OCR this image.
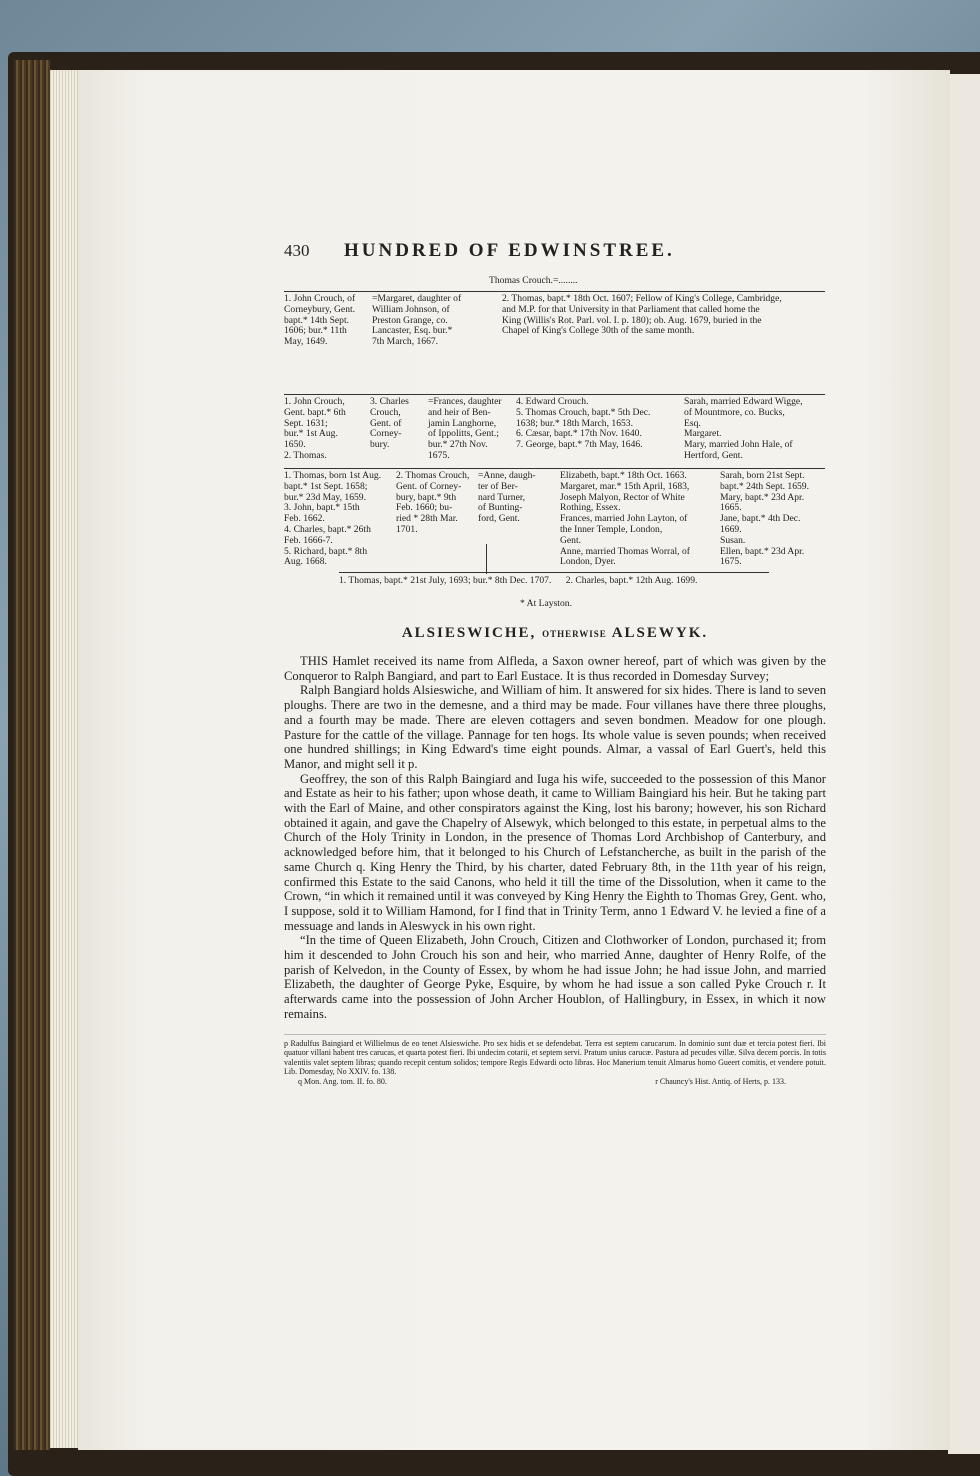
430	HUNDRED OF EDWINSTREE.
Thomas Crouch.=........
1. John Crouch, of
Corneybury, Gent.
bapt.* 14th Sept.
1606; bur.* 11th
May, 1649.
=Margaret, daughter of
William Johnson, of
Preston Grange, co.
Lancaster, Esq. bur.*
7th March, 1667.
2. Thomas, bapt.* 18th Oct. 1607; Fellow of King's College, Cambridge,
and M.P. for that University in that Parliament that called home the
King (Willis's Rot. Parl. vol. I. p. 180); ob. Aug. 1679, buried in the
Chapel of King's College 30th of the same month.
1. John Crouch,
Gent. bapt.* 6th
Sept. 1631;
bur.* 1st Aug.
1650.
2. Thomas.
3. Charles
Crouch,
Gent. of
Corney-
bury.
=Frances, daughter
and heir of Ben-
jamin Langhorne,
of Ippolitts, Gent.;
bur.* 27th Nov.
1675.
4. Edward Crouch.
5. Thomas Crouch, bapt.* 5th Dec.
1638; bur.* 18th March, 1653.
6. Cæsar, bapt.* 17th Nov. 1640.
7. George, bapt.* 7th May, 1646.
Sarah, married Edward Wigge,
of Mountmore, co. Bucks,
Esq.
Margaret.
Mary, married John Hale, of
Hertford, Gent.
1. Thomas, born 1st Aug.
bapt.* 1st Sept. 1658;
bur.* 23d May, 1659.
3. John, bapt.* 15th
Feb. 1662.
4. Charles, bapt.* 26th
Feb. 1666-7.
5. Richard, bapt.* 8th
Aug. 1668.
2. Thomas Crouch,
Gent. of Corney-
bury, bapt.* 9th
Feb. 1660; bu-
ried * 28th Mar.
1701.
=Anne, daugh-
ter of Ber-
nard Turner,
of Bunting-
ford, Gent.
Elizabeth, bapt.* 18th Oct. 1663.
Margaret, mar.* 15th April, 1683,
Joseph Malyon, Rector of White
Rothing, Essex.
Frances, married John Layton, of
the Inner Temple, London,
Gent.
Anne, married Thomas Worral, of
London, Dyer.
Sarah, born 21st Sept.
bapt.* 24th Sept. 1659.
Mary, bapt.* 23d Apr.
1665.
Jane, bapt.* 4th Dec.
1669.
Susan.
Ellen, bapt.* 23d Apr.
1675.
1. Thomas, bapt.* 21st July, 1693; bur.* 8th Dec. 1707.      2. Charles, bapt.* 12th Aug. 1699.
* At Layston.
ALSIESWICHE, OTHERWISE ALSEWYK.

THIS Hamlet received its name from Alfleda, a Saxon owner hereof, part of which was given by the Conqueror to Ralph Bangiard, and part to Earl Eustace. It is thus recorded in Domesday Survey;

Ralph Bangiard holds Alsieswiche, and William of him. It answered for six hides. There is land to seven ploughs. There are two in the demesne, and a third may be made. Four villanes have there three ploughs, and a fourth may be made. There are eleven cottagers and seven bondmen. Meadow for one plough. Pasture for the cattle of the village. Pannage for ten hogs. Its whole value is seven pounds; when received one hundred shillings; in King Edward's time eight pounds. Almar, a vassal of Earl Guert's, held this Manor, and might sell it p.

Geoffrey, the son of this Ralph Baingiard and Iuga his wife, succeeded to the possession of this Manor and Estate as heir to his father; upon whose death, it came to William Baingiard his heir. But he taking part with the Earl of Maine, and other conspirators against the King, lost his barony; however, his son Richard obtained it again, and gave the Chapelry of Alsewyk, which belonged to this estate, in perpetual alms to the Church of the Holy Trinity in London, in the presence of Thomas Lord Archbishop of Canterbury, and acknowledged before him, that it belonged to his Church of Lefstancherche, as built in the parish of the same Church q. King Henry the Third, by his charter, dated February 8th, in the 11th year of his reign, confirmed this Estate to the said Canons, who held it till the time of the Dissolution, when it came to the Crown, “in which it remained until it was conveyed by King Henry the Eighth to Thomas Grey, Gent. who, I suppose, sold it to William Hamond, for I find that in Trinity Term, anno 1 Edward V. he levied a fine of a messuage and lands in Aleswyck in his own right.

“In the time of Queen Elizabeth, John Crouch, Citizen and Clothworker of London, purchased it; from him it descended to John Crouch his son and heir, who married Anne, daughter of Henry Rolfe, of the parish of Kelvedon, in the County of Essex, by whom he had issue John; he had issue John, and married Elizabeth, the daughter of George Pyke, Esquire, by whom he had issue a son called Pyke Crouch r. It afterwards came into the possession of John Archer Houblon, of Hallingbury, in Essex, in which it now remains.

p Radulfus Baingiard et Willielmus de eo tenet Alsieswiche. Pro sex hidis et se defendebat. Terra est septem carucarum. In dominio sunt duæ et tercia potest fieri. Ibi quatuor villani habent tres carucas, et quarta potest fieri. Ibi undecim cotarii, et septem servi. Pratum unius carucæ. Pastura ad pecudes villæ. Silva decem porcis. In totis valentiis valet septem libras; quando recepit centum solidos; tempore Regis Edwardi octo libras. Hoc Manerium tenuit Almarus homo Gueert comitis, et vendere potuit. Lib. Domesday, No XXIV. fo. 138.

q Mon. Ang. tom. II. fo. 80.	r Chauncy's Hist. Antiq. of Herts, p. 133.
